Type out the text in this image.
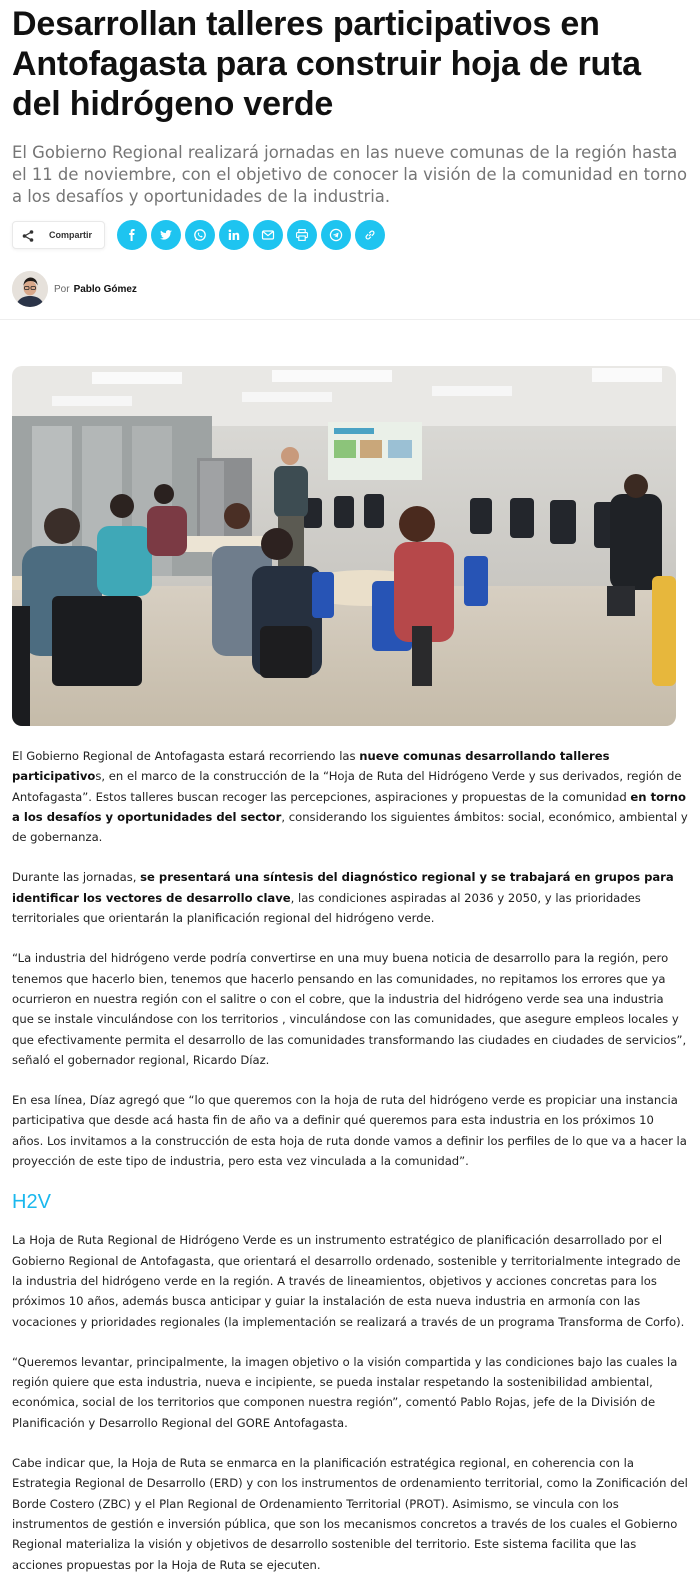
Desarrollan talleres participativos en Antofagasta para construir hoja de ruta del hidrógeno verde

El Gobierno Regional realizará jornadas en las nueve comunas de la región hasta el 11 de noviembre, con el objetivo de conocer la visión de la comunidad en torno a los desafíos y oportunidades de la industria.

Compartir
Por Pablo Gómez

El Gobierno Regional de Antofagasta estará recorriendo las nueve comunas desarrollando talleres participativos, en el marco de la construcción de la “Hoja de Ruta del Hidrógeno Verde y sus derivados, región de Antofagasta”. Estos talleres buscan recoger las percepciones, aspiraciones y propuestas de la comunidad en torno a los desafíos y oportunidades del sector, considerando los siguientes ámbitos: social, económico, ambiental y de gobernanza.

Durante las jornadas, se presentará una síntesis del diagnóstico regional y se trabajará en grupos para identificar los vectores de desarrollo clave, las condiciones aspiradas al 2036 y 2050, y las prioridades territoriales que orientarán la planificación regional del hidrógeno verde.

“La industria del hidrógeno verde podría convertirse en una muy buena noticia de desarrollo para la región, pero tenemos que hacerlo bien, tenemos que hacerlo pensando en las comunidades, no repitamos los errores que ya ocurrieron en nuestra región con el salitre o con el cobre, que la industria del hidrógeno verde sea una industria que se instale vinculándose con los territorios , vinculándose con las comunidades, que asegure empleos locales y que efectivamente permita el desarrollo de las comunidades transformando las ciudades en ciudades de servicios”, señaló el gobernador regional, Ricardo Díaz.

En esa línea, Díaz agregó que “lo que queremos con la hoja de ruta del hidrógeno verde es propiciar una instancia participativa que desde acá hasta fin de año va a definir qué queremos para esta industria en los próximos 10 años. Los invitamos a la construcción de esta hoja de ruta donde vamos a definir los perfiles de lo que va a hacer la proyección de este tipo de industria, pero esta vez vinculada a la comunidad”.

H2V

La Hoja de Ruta Regional de Hidrógeno Verde es un instrumento estratégico de planificación desarrollado por el Gobierno Regional de Antofagasta, que orientará el desarrollo ordenado, sostenible y territorialmente integrado de la industria del hidrógeno verde en la región. A través de lineamientos, objetivos y acciones concretas para los próximos 10 años, además busca anticipar y guiar la instalación de esta nueva industria en armonía con las vocaciones y prioridades regionales (la implementación se realizará a través de un programa Transforma de Corfo).

“Queremos levantar, principalmente, la imagen objetivo o la visión compartida y las condiciones bajo las cuales la región quiere que esta industria, nueva e incipiente, se pueda instalar respetando la sostenibilidad ambiental, económica, social de los territorios que componen nuestra región”, comentó Pablo Rojas, jefe de la División de Planificación y Desarrollo Regional del GORE Antofagasta.

Cabe indicar que, la Hoja de Ruta se enmarca en la planificación estratégica regional, en coherencia con la Estrategia Regional de Desarrollo (ERD) y con los instrumentos de ordenamiento territorial, como la Zonificación del Borde Costero (ZBC) y el Plan Regional de Ordenamiento Territorial (PROT). Asimismo, se vincula con los instrumentos de gestión e inversión pública, que son los mecanismos concretos a través de los cuales el Gobierno Regional materializa la visión y objetivos de desarrollo sostenible del territorio. Este sistema facilita que las acciones propuestas por la Hoja de Ruta se ejecuten.
